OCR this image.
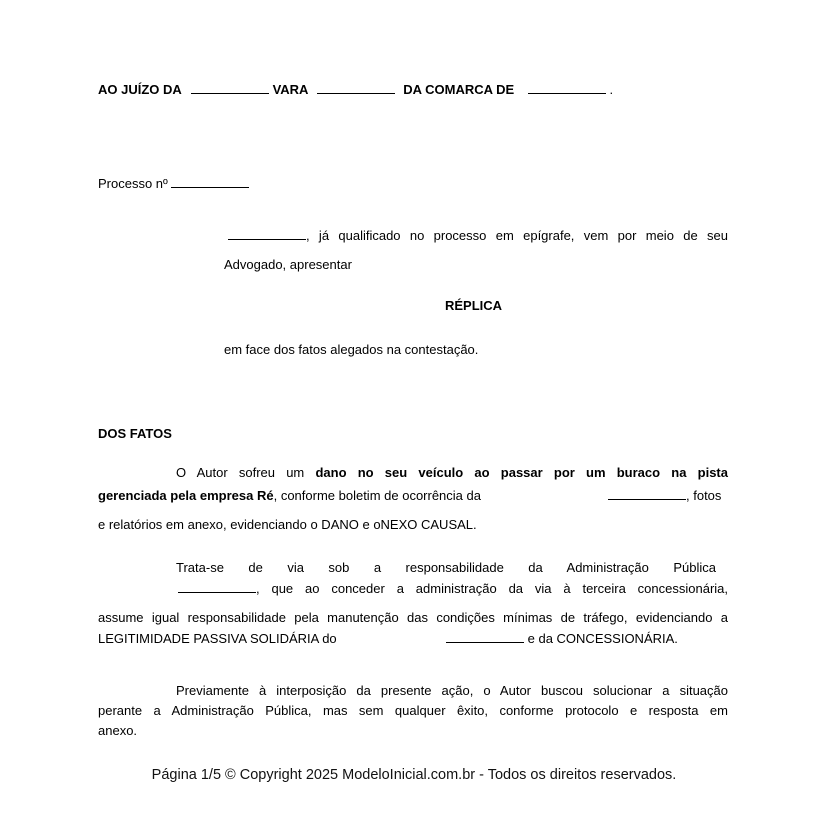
AO JUÍZO DA	VARA	DA COMARCA DE	.
Processo nº
, já qualificado no processo em epígrafe, vem por meio de seu
Advogado, apresentar
RÉPLICA
em face dos fatos alegados na contestação.
DOS FATOS
O Autor sofreu um dano no seu veículo ao passar por um buraco na pista
gerenciada pela empresa Ré, conforme boletim de ocorrência da	, fotos
e relatórios em anexo, evidenciando o DANO e oNEXO CAUSAL.
Trata-se de via sob a responsabilidade da Administração Pública
, que ao conceder a administração da via à terceira concessionária,
assume igual responsabilidade pela manutenção das condições mínimas de tráfego, evidenciando a
LEGITIMIDADE PASSIVA SOLIDÁRIA do	e da CONCESSIONÁRIA.
Previamente à interposição da presente ação, o Autor buscou solucionar a situação
perante a Administração Pública, mas sem qualquer êxito, conforme protocolo e resposta em
anexo.
Página 1/5 © Copyright 2025 ModeloInicial.com.br - Todos os direitos reservados.
